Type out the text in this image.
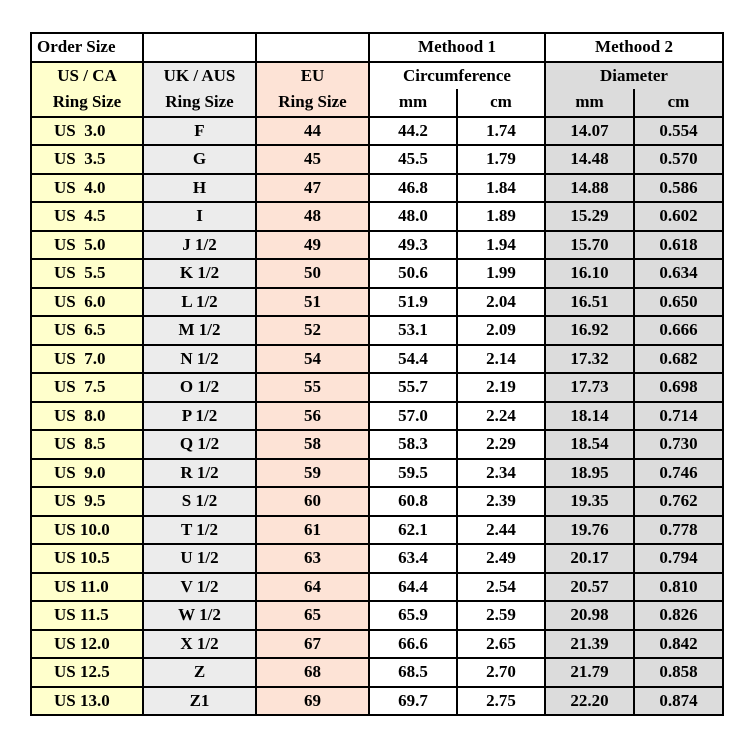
Order Size			Methood 1		Methood 2	
US / CA	UK / AUS	EU	Circumference		Diameter	
Ring Size	Ring Size	Ring Size	mm	cm	mm	cm
US  3.0	F	44	44.2	1.74	14.07	0.554
US  3.5	G	45	45.5	1.79	14.48	0.570
US  4.0	H	47	46.8	1.84	14.88	0.586
US  4.5	I	48	48.0	1.89	15.29	0.602
US  5.0	J 1/2	49	49.3	1.94	15.70	0.618
US  5.5	K 1/2	50	50.6	1.99	16.10	0.634
US  6.0	L 1/2	51	51.9	2.04	16.51	0.650
US  6.5	M 1/2	52	53.1	2.09	16.92	0.666
US  7.0	N 1/2	54	54.4	2.14	17.32	0.682
US  7.5	O 1/2	55	55.7	2.19	17.73	0.698
US  8.0	P 1/2	56	57.0	2.24	18.14	0.714
US  8.5	Q 1/2	58	58.3	2.29	18.54	0.730
US  9.0	R 1/2	59	59.5	2.34	18.95	0.746
US  9.5	S 1/2	60	60.8	2.39	19.35	0.762
US 10.0	T 1/2	61	62.1	2.44	19.76	0.778
US 10.5	U 1/2	63	63.4	2.49	20.17	0.794
US 11.0	V 1/2	64	64.4	2.54	20.57	0.810
US 11.5	W 1/2	65	65.9	2.59	20.98	0.826
US 12.0	X 1/2	67	66.6	2.65	21.39	0.842
US 12.5	Z	68	68.5	2.70	21.79	0.858
US 13.0	Z1	69	69.7	2.75	22.20	0.874
